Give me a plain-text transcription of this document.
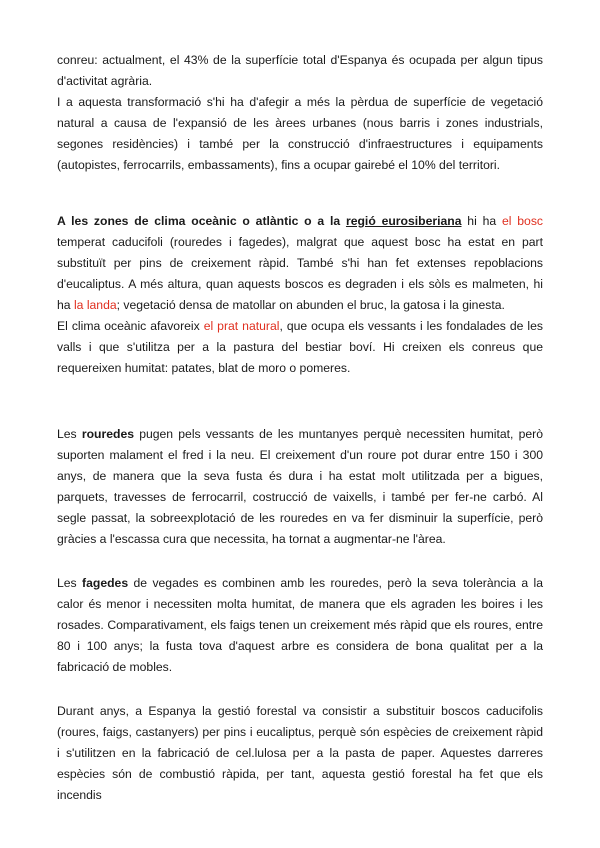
conreu: actualment, el 43% de la superfície total d'Espanya és ocupada per algun tipus d'activitat agrària.

I a aquesta transformació s'hi ha d'afegir a més la pèrdua de superfície de vegetació natural a causa de l'expansió de les àrees urbanes (nous barris i zones industrials, segones residències) i també per la construcció d'infraestructures i equipaments (autopistes, ferrocarrils, embassaments), fins a ocupar gairebé el 10% del territori.

A les zones de clima oceànic o atlàntic o a la regió eurosiberiana hi ha el bosc temperat caducifoli (rouredes i fagedes), malgrat que aquest bosc ha estat en part substituït per pins de creixement ràpid. També s'hi han fet extenses repoblacions d'eucaliptus. A més altura, quan aquests boscos es degraden i els sòls es malmeten, hi ha la landa; vegetació densa de matollar on abunden el bruc, la gatosa i la ginesta.

El clima oceànic afavoreix el prat natural, que ocupa els vessants i les fondalades de les valls i que s'utilitza per a la pastura del bestiar boví. Hi creixen els conreus que requereixen humitat: patates, blat de moro o pomeres.

Les rouredes pugen pels vessants de les muntanyes perquè necessiten humitat, però suporten malament el fred i la neu. El creixement d'un roure pot durar entre 150 i 300 anys, de manera que la seva fusta és dura i ha estat molt utilitzada per a bigues, parquets, travesses de ferrocarril, costrucció de vaixells, i també per fer-ne carbó. Al segle passat, la sobreexplotació de les rouredes en va fer disminuir la superfície, però gràcies a l'escassa cura que necessita, ha tornat a augmentar-ne l'àrea.

Les fagedes de vegades es combinen amb les rouredes, però la seva tolerància a la calor és menor i necessiten molta humitat, de manera que els agraden les boires i les rosades. Comparativament, els faigs tenen un creixement més ràpid que els roures, entre 80 i 100 anys; la fusta tova d'aquest arbre es considera de bona qualitat per a la fabricació de mobles.

Durant anys, a Espanya la gestió forestal va consistir a substituir boscos caducifolis (roures, faigs, castanyers) per pins i eucaliptus, perquè són espècies de creixement ràpid i s'utilitzen en la fabricació de cel.lulosa per a la pasta de paper. Aquestes darreres espècies són de combustió ràpida, per tant, aquesta gestió forestal ha fet que els incendis
